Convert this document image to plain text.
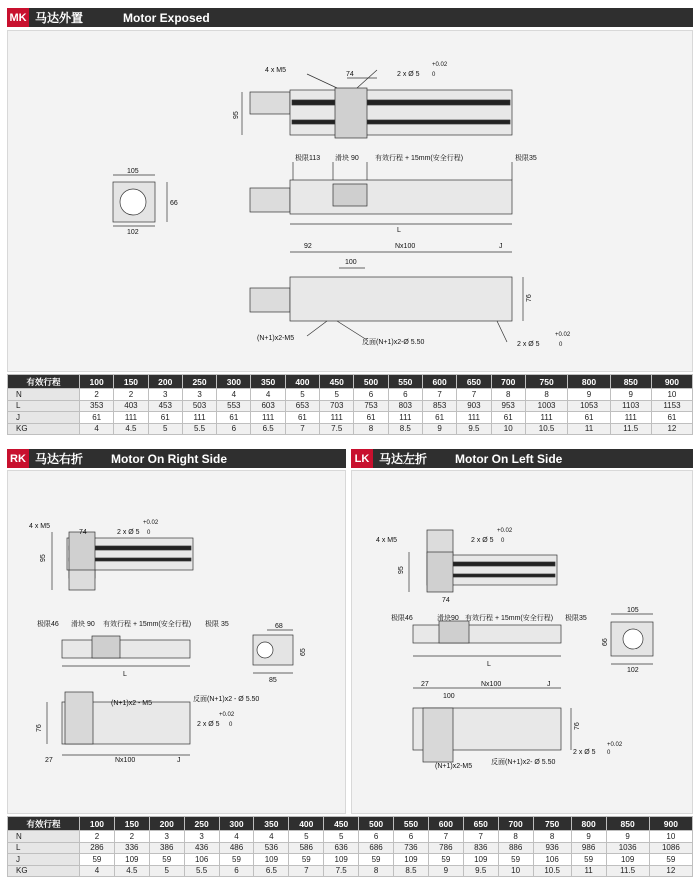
MK 马达外置	Motor Exposed
4 x M5
74
+0.02
2 x Ø 5 0
95
105
102
66
极限113 滑块 90 有效行程 + 15mm(安全行程)	极限35
L
92	Nx100	J
100
76
(N+1)x2-M5
反面(N+1)x2-Ø 5.50
+0.02
2 x Ø 5	0
有效行程	100	150	200	250	300	350	400	450	500	550	600	650	700	750	800	850	900
N	2	2	3	3	4	4	5	5	6	6	7	7	8	8	9	9	10
L	353	403	453	503	553	603	653	703	753	803	853	903	953	1003	1053	1103	1153
J	61	111	61	111	61	111	61	111	61	111	61	111	61	111	61	111	61
KG	4	4.5	5	5.5	6	6.5	7	7.5	8	8.5	9	9.5	10	10.5	11	11.5	12
RK 马达右折 Motor On Right Side	LK 马达左折 Motor On Left Side
4 x M5
74
+0.02
2 x Ø 5 0
95
极限46 滑块 90 有效行程 + 15mm(安全行程) 极限 35
L
68
85
65
(N+1)x2 - M5
反面(N+1)x2 - Ø 5.50
+0.02
2 x Ø 5 0
76
27	Nx100	J
4 x M5
+0.02
2 x Ø 5 0
95
74
极限46	滑块90 有效行程 + 15mm(安全行程) 极限35
L
105
102
66
27	Nx100	J
100
76
+0.02
2 x Ø 5 0
(N+1)x2-M5
反面(N+1)x2- Ø 5.50
有效行程	100	150	200	250	300	350	400	450	500	550	600	650	700	750	800	850	900
N	2	2	3	3	4	4	5	5	6	6	7	7	8	8	9	9	10
L	286	336	386	436	486	536	586	636	686	736	786	836	886	936	986	1036	1086
J	59	109	59	106	59	109	59	109	59	109	59	109	59	106	59	109	59
KG	4	4.5	5	5.5	6	6.5	7	7.5	8	8.5	9	9.5	10	10.5	11	11.5	12
